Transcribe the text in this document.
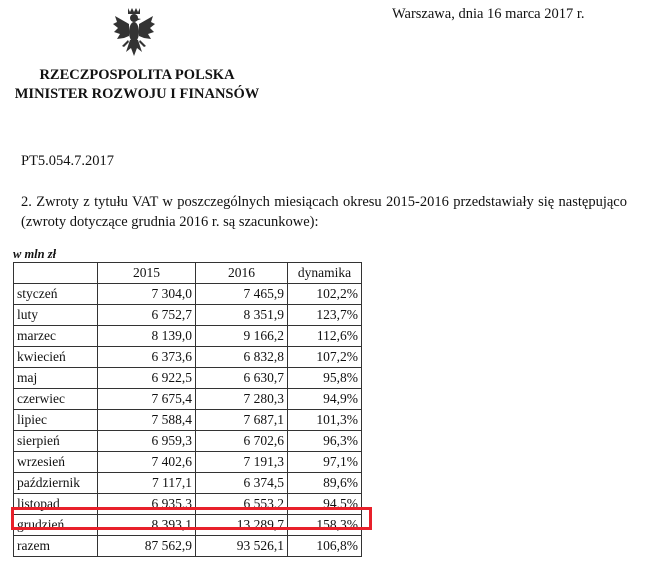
Warszawa, dnia 16 marca 2017 r.
RZECZPOSPOLITA POLSKA
MINISTER ROZWOJU I FINANSÓW
PT5.054.7.2017
2. Zwroty z tytułu VAT w poszczególnych miesiącach okresu 2015-2016 przedstawiały się następująco (zwroty dotyczące grudnia 2016 r. są szacunkowe):
w mln zł
	2015	2016	dynamika
styczeń	7 304,0	7 465,9	102,2%
luty	6 752,7	8 351,9	123,7%
marzec	8 139,0	9 166,2	112,6%
kwiecień	6 373,6	6 832,8	107,2%
maj	6 922,5	6 630,7	95,8%
czerwiec	7 675,4	7 280,3	94,9%
lipiec	7 588,4	7 687,1	101,3%
sierpień	6 959,3	6 702,6	96,3%
wrzesień	7 402,6	7 191,3	97,1%
październik	7 117,1	6 374,5	89,6%
listopad	6 935,3	6 553,2	94,5%
grudzień	8 393,1	13 289,7	158,3%
razem	87 562,9	93 526,1	106,8%
